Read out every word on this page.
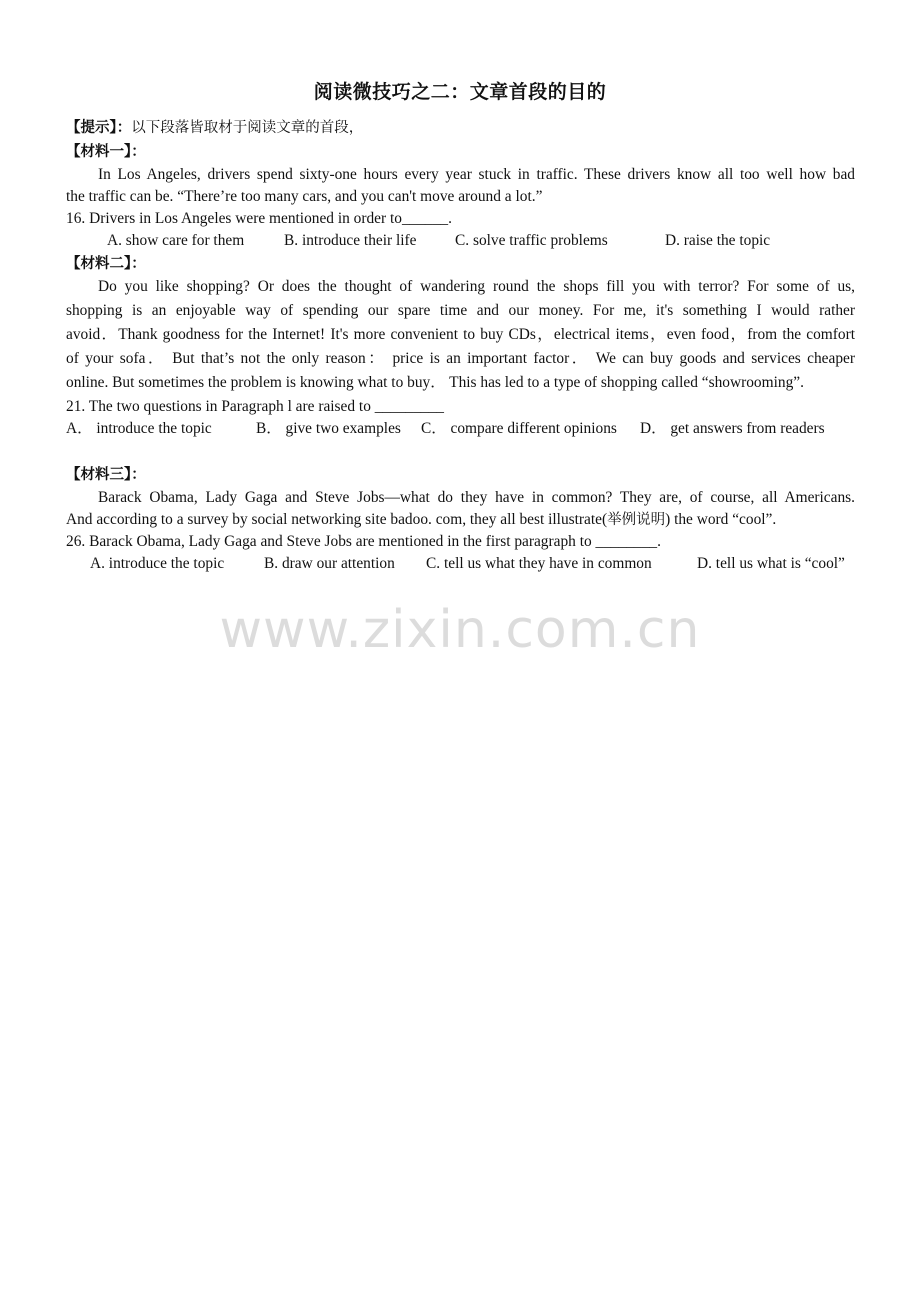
阅读微技巧之二：文章首段的目的
【提示】：以下段落皆取材于阅读文章的首段，
【材料一】：
In Los Angeles, drivers spend sixty-one hours every year stuck in traffic. These drivers know all too well how bad
the traffic can be. “There’re too many cars, and you can't move around a lot.”
16. Drivers in Los Angeles were mentioned in order to______.
A. show care for them	B. introduce their life	C. solve traffic problems	D. raise the topic
【材料二】：
Do you like shopping? Or does the thought of wandering round the shops fill you with terror? For some of us,
shopping is an enjoyable way of spending our spare time and our money. For me, it's something I would rather
avoid．Thank goodness for the Internet! It's more convenient to buy CDs，electrical items，even food，from the comfort
of your sofa． But that’s not the only reason： price is an important factor． We can buy goods and services cheaper
online. But sometimes the problem is knowing what to buy． This has led to a type of shopping called “showrooming”.
21. The two questions in Paragraph l are raised to _________
A． introduce the topic	B． give two examples C． compare different opinions D． get answers from readers
【材料三】：
Barack Obama, Lady Gaga and Steve Jobs—what do they have in common? They are, of course, all Americans.
And according to a survey by social networking site badoo. com, they all best illustrate(举例说明) the word “cool”.
26. Barack Obama, Lady Gaga and Steve Jobs are mentioned in the first paragraph to ________.
A. introduce the topic	B. draw our attention C. tell us what they have in common	D. tell us what is “cool”
www.zixin.com.cn
